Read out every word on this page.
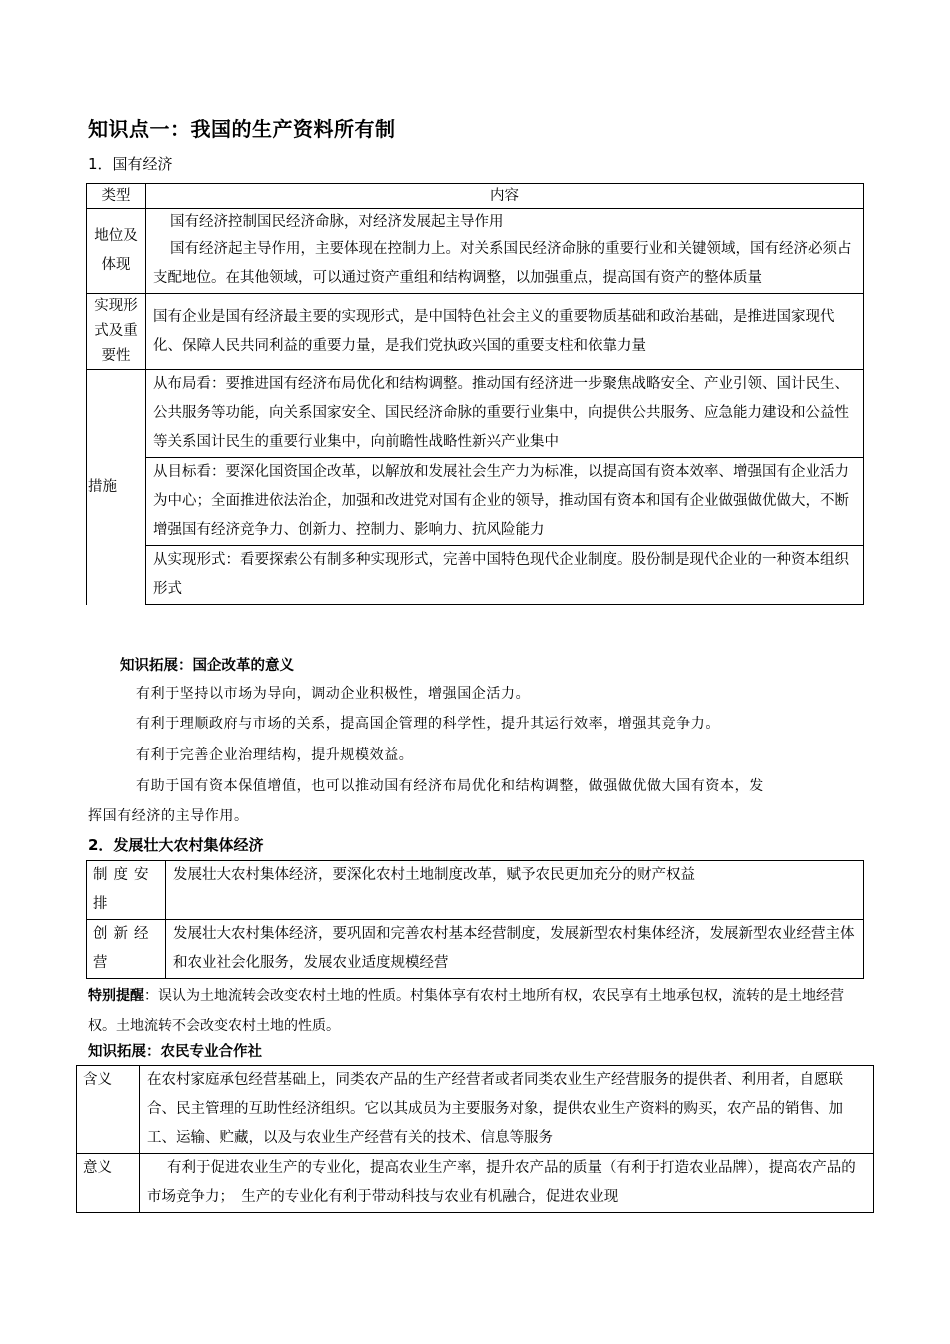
知识点一：我国的生产资料所有制
1．国有经济
类型	内容
地位及体现	国有经济控制国民经济命脉，对经济发展起主导作用
国有经济起主导作用，主要体现在控制力上。对关系国民经济命脉的重要行业和关键领域，国有经济必须占支配地位。在其他领域，可以通过资产重组和结构调整，以加强重点，提高国有资产的整体质量

实现形式及重要性	国有企业是国有经济最主要的实现形式，是中国特色社会主义的重要物质基础和政治基础，是推进国家现代化、保障人民共同利益的重要力量，是我们党执政兴国的重要支柱和依靠力量
措施	从布局看：要推进国有经济布局优化和结构调整。推动国有经济进一步聚焦战略安全、产业引领、国计民生、公共服务等功能，向关系国家安全、国民经济命脉的重要行业集中，向提供公共服务、应急能力建设和公益性等关系国计民生的重要行业集中，向前瞻性战略性新兴产业集中
	从目标看：要深化国资国企改革，以解放和发展社会生产力为标准，以提高国有资本效率、增强国有企业活力为中心；全面推进依法治企，加强和改进党对国有企业的领导，推动国有资本和国有企业做强做优做大，不断增强国有经济竞争力、创新力、控制力、影响力、抗风险能力
	从实现形式：看要探索公有制多种实现形式，完善中国特色现代企业制度。股份制是现代企业的一种资本组织形式
知识拓展：国企改革的意义

有利于坚持以市场为导向，调动企业积极性，增强国企活力。

有利于理顺政府与市场的关系，提高国企管理的科学性，提升其运行效率，增强其竞争力。

有利于完善企业治理结构，提升规模效益。

有助于国有资本保值增值，也可以推动国有经济布局优化和结构调整，做强做优做大国有资本，发

挥国有经济的主导作用。

2．发展壮大农村集体经济
制度安排	发展壮大农村集体经济，要深化农村土地制度改革，赋予农民更加充分的财产权益
创新经营	发展壮大农村集体经济，要巩固和完善农村基本经营制度，发展新型农村集体经济，发展新型农业经营主体和农业社会化服务，发展农业适度规模经营
特别提醒：误认为土地流转会改变农村土地的性质。村集体享有农村土地所有权，农民享有土地承包权，流转的是土地经营权。土地流转不会改变农村土地的性质。
知识拓展：农民专业合作社
含义	在农村家庭承包经营基础上，同类农产品的生产经营者或者同类农业生产经营服务的提供者、利用者，自愿联合、民主管理的互助性经济组织。它以其成员为主要服务对象，提供农业生产资料的购买，农产品的销售、加工、运输、贮藏，以及与农业生产经营有关的技术、信息等服务
意义	有利于促进农业生产的专业化，提高农业生产率，提升农产品的质量（有利于打造农业品牌），提高农产品的市场竞争力；　生产的专业化有利于带动科技与农业有机融合，促进农业现
